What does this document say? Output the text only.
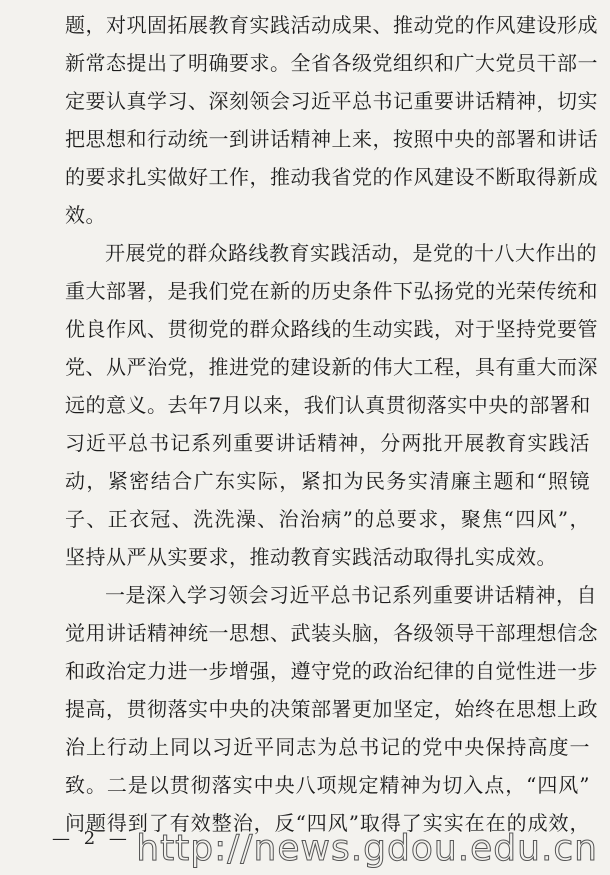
题，对巩固拓展教育实践活动成果、推动党的作风建设形成
新常态提出了明确要求。全省各级党组织和广大党员干部一
定要认真学习、深刻领会习近平总书记重要讲话精神，切实
把思想和行动统一到讲话精神上来，按照中央的部署和讲话
的要求扎实做好工作，推动我省党的作风建设不断取得新成
效。
开展党的群众路线教育实践活动，是党的十八大作出的
重大部署，是我们党在新的历史条件下弘扬党的光荣传统和
优良作风、贯彻党的群众路线的生动实践，对于坚持党要管
党、从严治党，推进党的建设新的伟大工程，具有重大而深
远的意义。去年7月以来，我们认真贯彻落实中央的部署和
习近平总书记系列重要讲话精神，分两批开展教育实践活
动，紧密结合广东实际，紧扣为民务实清廉主题和“照镜
子、正衣冠、洗洗澡、治治病”的总要求，聚焦“四风”，
坚持从严从实要求，推动教育实践活动取得扎实成效。
一是深入学习领会习近平总书记系列重要讲话精神，自
觉用讲话精神统一思想、武装头脑，各级领导干部理想信念
和政治定力进一步增强，遵守党的政治纪律的自觉性进一步
提高，贯彻落实中央的决策部署更加坚定，始终在思想上政
治上行动上同以习近平同志为总书记的党中央保持高度一
致。二是以贯彻落实中央八项规定精神为切入点，“四风”
问题得到了有效整治，反“四风”取得了实实在在的成效，
— 2 — http://news.gdou.edu.cn
